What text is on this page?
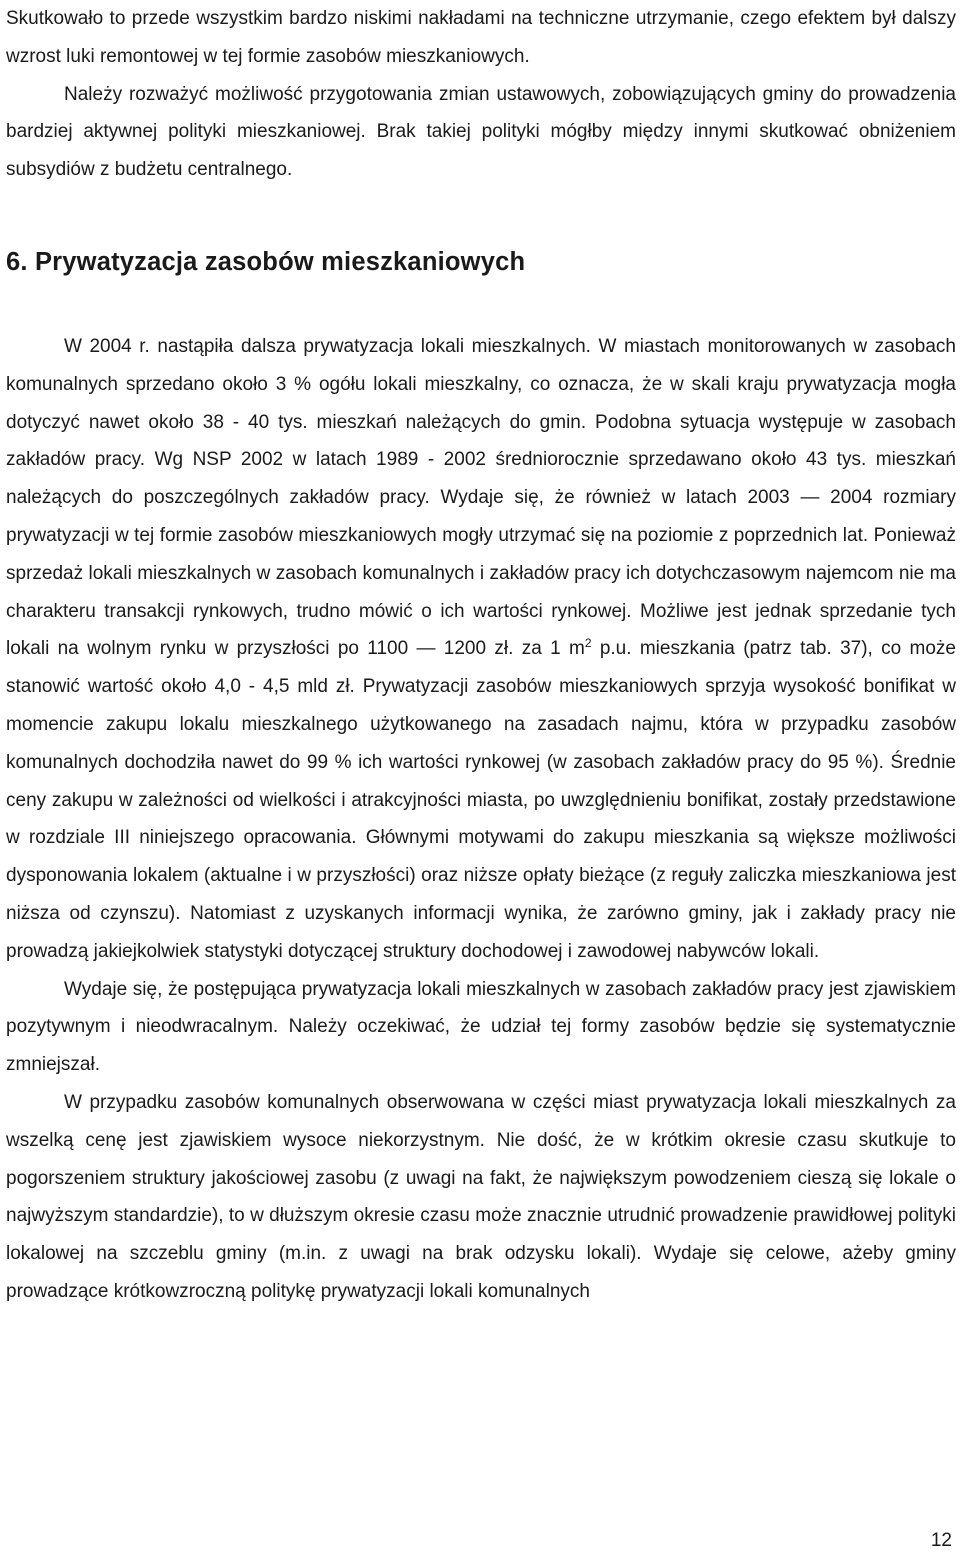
Skutkowało to przede wszystkim bardzo niskimi nakładami na techniczne utrzymanie, czego efektem był dalszy wzrost luki remontowej w tej formie zasobów mieszkaniowych.

Należy rozważyć możliwość przygotowania zmian ustawowych, zobowiązujących gminy do prowadzenia bardziej aktywnej polityki mieszkaniowej. Brak takiej polityki mógłby między innymi skutkować obniżeniem subsydiów z budżetu centralnego.

6. Prywatyzacja zasobów mieszkaniowych

W 2004 r. nastąpiła dalsza prywatyzacja lokali mieszkalnych. W miastach monitorowanych w zasobach komunalnych sprzedano około 3 % ogółu lokali mieszkalny, co oznacza, że w skali kraju prywatyzacja mogła dotyczyć nawet około 38 - 40 tys. mieszkań należących do gmin. Podobna sytuacja występuje w zasobach zakładów pracy. Wg NSP 2002 w latach 1989 - 2002 średniorocznie sprzedawano około 43 tys. mieszkań należących do poszczególnych zakładów pracy. Wydaje się, że również w latach 2003 — 2004 rozmiary prywatyzacji w tej formie zasobów mieszkaniowych mogły utrzymać się na poziomie z poprzednich lat. Ponieważ sprzedaż lokali mieszkalnych w zasobach komunalnych i zakładów pracy ich dotychczasowym najemcom nie ma charakteru transakcji rynkowych, trudno mówić o ich wartości rynkowej. Możliwe jest jednak sprzedanie tych lokali na wolnym rynku w przyszłości po 1100 — 1200 zł. za 1 $m^2$ p.u. mieszkania (patrz tab. 37), co może stanowić wartość około 4,0 - 4,5 mld zł. Prywatyzacji zasobów mieszkaniowych sprzyja wysokość bonifikat w momencie zakupu lokalu mieszkalnego użytkowanego na zasadach najmu, która w przypadku zasobów komunalnych dochodziła nawet do 99 % ich wartości rynkowej (w zasobach zakładów pracy do 95 %). Średnie ceny zakupu w zależności od wielkości i atrakcyjności miasta, po uwzględnieniu bonifikat, zostały przedstawione w rozdziale III niniejszego opracowania. Głównymi motywami do zakupu mieszkania są większe możliwości dysponowania lokalem (aktualne i w przyszłości) oraz niższe opłaty bieżące (z reguły zaliczka mieszkaniowa jest niższa od czynszu). Natomiast z uzyskanych informacji wynika, że zarówno gminy, jak i zakłady pracy nie prowadzą jakiejkolwiek statystyki dotyczącej struktury dochodowej i zawodowej nabywców lokali.

Wydaje się, że postępująca prywatyzacja lokali mieszkalnych w zasobach zakładów pracy jest zjawiskiem pozytywnym i nieodwracalnym. Należy oczekiwać, że udział tej formy zasobów będzie się systematycznie zmniejszał.

W przypadku zasobów komunalnych obserwowana w części miast prywatyzacja lokali mieszkalnych za wszelką cenę jest zjawiskiem wysoce niekorzystnym. Nie dość, że w krótkim okresie czasu skutkuje to pogorszeniem struktury jakościowej zasobu (z uwagi na fakt, że największym powodzeniem cieszą się lokale o najwyższym standardzie), to w dłuższym okresie czasu może znacznie utrudnić prowadzenie prawidłowej polityki lokalowej na szczeblu gminy (m.in. z uwagi na brak odzysku lokali). Wydaje się celowe, ażeby gminy prowadzące krótkowzroczną politykę prywatyzacji lokali komunalnych

12
